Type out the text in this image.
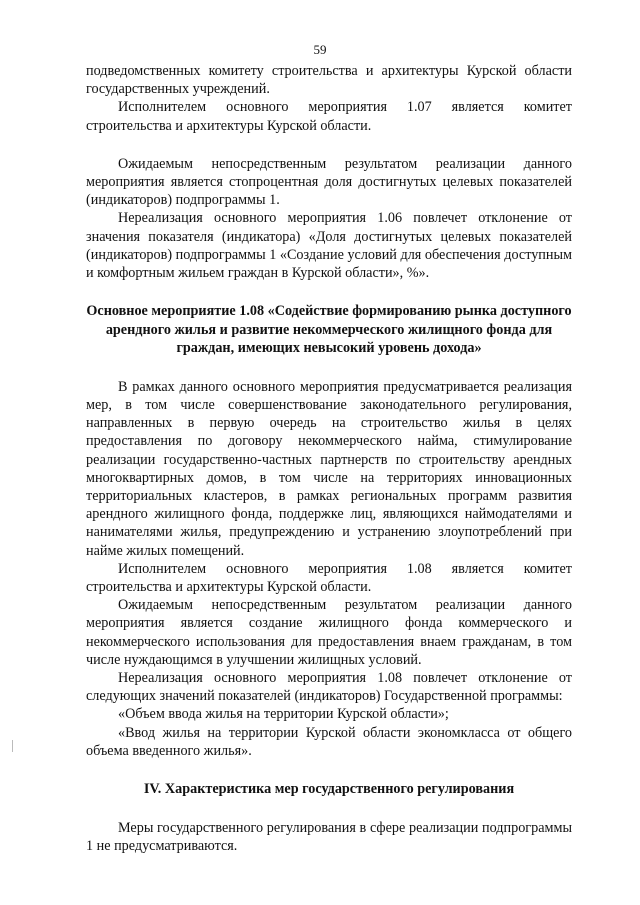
59

подведомственных комитету строительства и архитектуры Курской области государственных учреждений.

Исполнителем основного мероприятия 1.07 является комитет строительства и архитектуры Курской области.

Ожидаемым непосредственным результатом реализации данного мероприятия является стопроцентная доля достигнутых целевых показателей (индикаторов) подпрограммы 1.

Нереализация основного мероприятия 1.06 повлечет отклонение от значения показателя (индикатора) «Доля достигнутых целевых показателей (индикаторов) подпрограммы 1 «Создание условий для обеспечения доступным и комфортным жильем граждан в Курской области», %».

Основное мероприятие 1.08 «Содействие формированию рынка доступного арендного жилья и развитие некоммерческого жилищного фонда для граждан, имеющих невысокий уровень дохода»

В рамках данного основного мероприятия предусматривается реализация мер, в том числе совершенствование законодательного регулирования, направленных в первую очередь на строительство жилья в целях предоставления по договору некоммерческого найма, стимулирование реализации государственно-частных партнерств по строительству арендных многоквартирных домов, в том числе на территориях инновационных территориальных кластеров, в рамках региональных программ развития арендного жилищного фонда, поддержке лиц, являющихся наймодателями и нанимателями жилья, предупреждению и устранению злоупотреблений при найме жилых помещений.

Исполнителем основного мероприятия 1.08 является комитет строительства и архитектуры Курской области.

Ожидаемым непосредственным результатом реализации данного мероприятия является создание жилищного фонда коммерческого и некоммерческого использования для предоставления внаем гражданам, в том числе нуждающимся в улучшении жилищных условий.

Нереализация основного мероприятия 1.08 повлечет отклонение от следующих значений показателей (индикаторов) Государственной программы:

«Объем ввода жилья на территории Курской области»;

«Ввод жилья на территории Курской области экономкласса от общего объема введенного жилья».

IV. Характеристика мер государственного регулирования

Меры государственного регулирования в сфере реализации подпрограммы 1 не предусматриваются.
